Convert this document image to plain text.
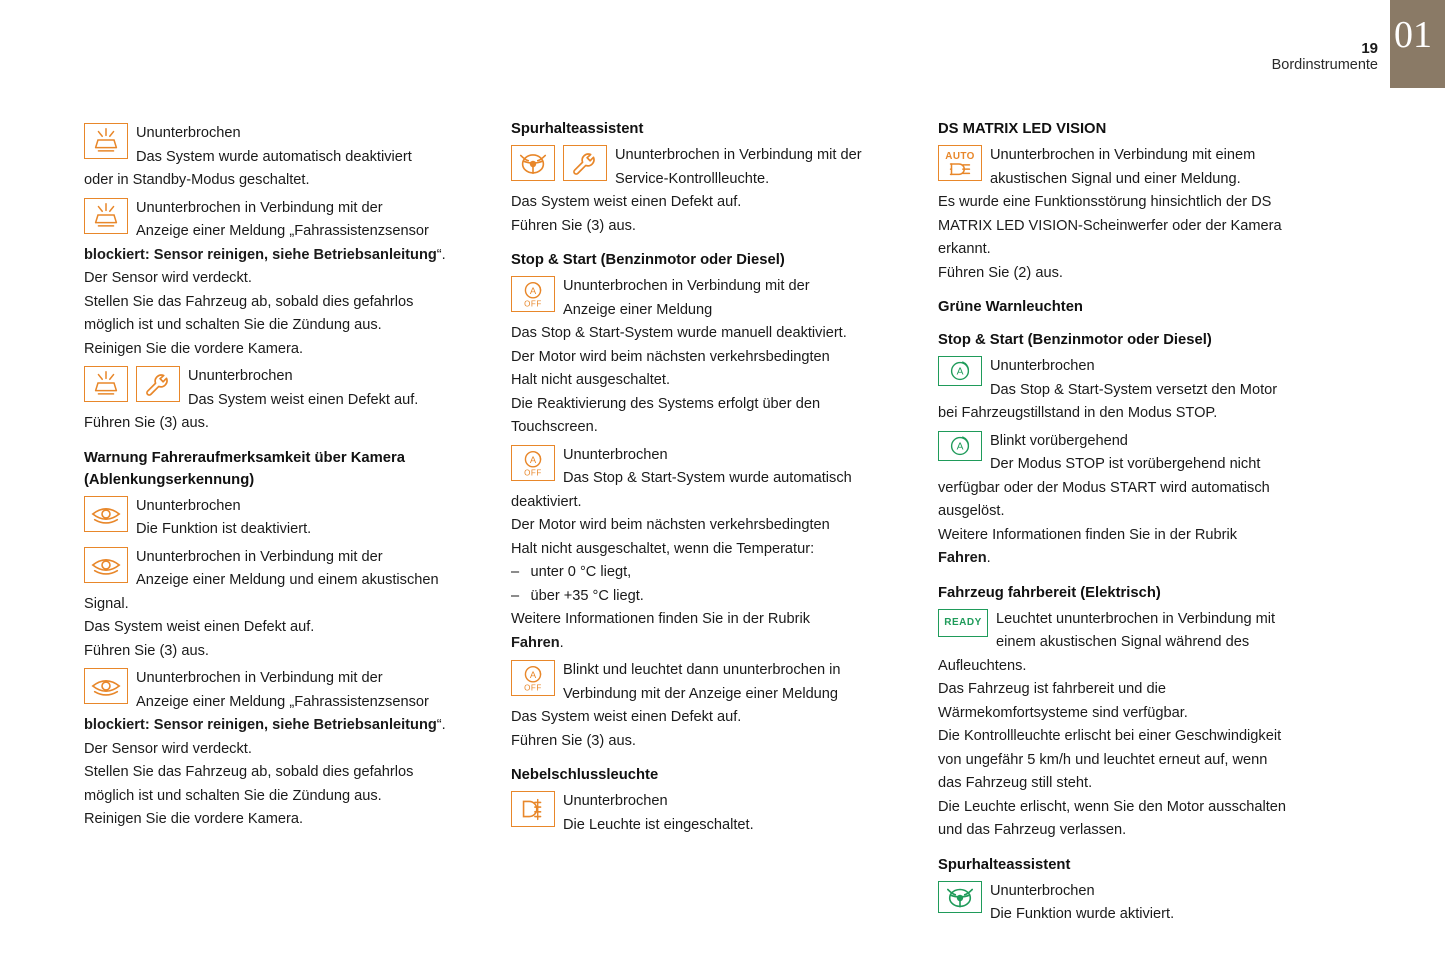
19
Bordinstrumente
01
Ununterbrochen
Das System wurde automatisch deaktiviert
oder in Standby-Modus geschaltet.
Ununterbrochen in Verbindung mit der
Anzeige einer Meldung „Fahrassistenzsensor
blockiert: Sensor reinigen, siehe Betriebsanleitung“.
Der Sensor wird verdeckt.
Stellen Sie das Fahrzeug ab, sobald dies gefahrlos
möglich ist und schalten Sie die Zündung aus.
Reinigen Sie die vordere Kamera.
Ununterbrochen
Das System weist einen Defekt auf.
Führen Sie (3) aus.
Warnung Fahreraufmerksamkeit über Kamera
(Ablenkungserkennung)
Ununterbrochen
Die Funktion ist deaktiviert.
Ununterbrochen in Verbindung mit der
Anzeige einer Meldung und einem akustischen
Signal.
Das System weist einen Defekt auf.
Führen Sie (3) aus.
Ununterbrochen in Verbindung mit der
Anzeige einer Meldung „Fahrassistenzsensor
blockiert: Sensor reinigen, siehe Betriebsanleitung“.
Der Sensor wird verdeckt.
Stellen Sie das Fahrzeug ab, sobald dies gefahrlos
möglich ist und schalten Sie die Zündung aus.
Reinigen Sie die vordere Kamera.
Spurhalteassistent
Ununterbrochen in Verbindung mit der
Service-Kontrollleuchte.
Das System weist einen Defekt auf.
Führen Sie (3) aus.
Stop & Start (Benzinmotor oder Diesel)
A
OFF
Ununterbrochen in Verbindung mit der
Anzeige einer Meldung
Das Stop & Start-System wurde manuell deaktiviert.
Der Motor wird beim nächsten verkehrsbedingten
Halt nicht ausgeschaltet.
Die Reaktivierung des Systems erfolgt über den
Touchscreen.
A
OFF
Ununterbrochen
Das Stop & Start-System wurde automatisch
deaktiviert.
Der Motor wird beim nächsten verkehrsbedingten
Halt nicht ausgeschaltet, wenn die Temperatur:
–  unter 0 °C liegt,
–  über +35 °C liegt.
Weitere Informationen finden Sie in der Rubrik
Fahren.
A
OFF
Blinkt und leuchtet dann ununterbrochen in
Verbindung mit der Anzeige einer Meldung
Das System weist einen Defekt auf.
Führen Sie (3) aus.
Nebelschlussleuchte
Ununterbrochen
Die Leuchte ist eingeschaltet.
DS MATRIX LED VISION
AUTO	Ununterbrochen in Verbindung mit einem
akustischen Signal und einer Meldung.
Es wurde eine Funktionsstörung hinsichtlich der DS
MATRIX LED VISION-Scheinwerfer oder der Kamera
erkannt.
Führen Sie (2) aus.
Grüne Warnleuchten
Stop & Start (Benzinmotor oder Diesel)
A	Ununterbrochen
Das Stop & Start-System versetzt den Motor
bei Fahrzeugstillstand in den Modus STOP.
A	Blinkt vorübergehend
Der Modus STOP ist vorübergehend nicht
verfügbar oder der Modus START wird automatisch
ausgelöst.
Weitere Informationen finden Sie in der Rubrik
Fahren.
Fahrzeug fahrbereit (Elektrisch)
READY Leuchtet ununterbrochen in Verbindung mit
einem akustischen Signal während des
Aufleuchtens.
Das Fahrzeug ist fahrbereit und die
Wärmekomfortsysteme sind verfügbar.
Die Kontrollleuchte erlischt bei einer Geschwindigkeit
von ungefähr 5 km/h und leuchtet erneut auf, wenn
das Fahrzeug still steht.
Die Leuchte erlischt, wenn Sie den Motor ausschalten
und das Fahrzeug verlassen.
Spurhalteassistent
Ununterbrochen
Die Funktion wurde aktiviert.
